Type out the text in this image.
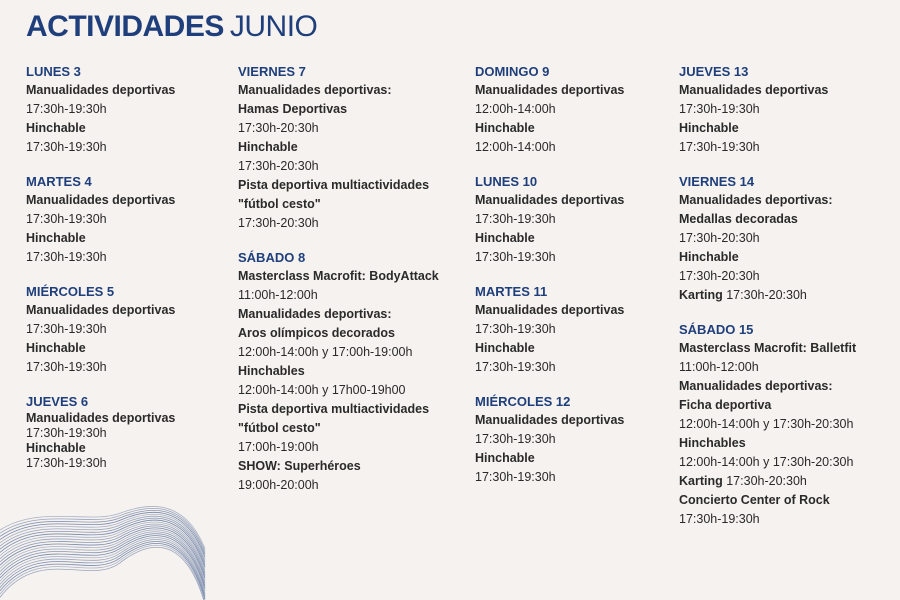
ACTIVIDADES JUNIO
LUNES 3
Manualidades deportivas
17:30h-19:30h
Hinchable
17:30h-19:30h
MARTES 4
Manualidades deportivas
17:30h-19:30h
Hinchable
17:30h-19:30h
MIÉRCOLES 5
Manualidades deportivas
17:30h-19:30h
Hinchable
17:30h-19:30h
JUEVES 6
Manualidades deportivas
17:30h-19:30h
Hinchable
17:30h-19:30h
VIERNES 7
Manualidades deportivas:
Hamas Deportivas
17:30h-20:30h
Hinchable
17:30h-20:30h
Pista deportiva multiactividades
"fútbol cesto"
17:30h-20:30h
SÁBADO 8
Masterclass Macrofit: BodyAttack
11:00h-12:00h
Manualidades deportivas:
Aros olímpicos decorados
12:00h-14:00h y 17:00h-19:00h
Hinchables
12:00h-14:00h y 17h00-19h00
Pista deportiva multiactividades
"fútbol cesto"
17:00h-19:00h
SHOW: Superhéroes
19:00h-20:00h
DOMINGO 9
Manualidades deportivas
12:00h-14:00h
Hinchable
12:00h-14:00h
LUNES 10
Manualidades deportivas
17:30h-19:30h
Hinchable
17:30h-19:30h
MARTES 11
Manualidades deportivas
17:30h-19:30h
Hinchable
17:30h-19:30h
MIÉRCOLES 12
Manualidades deportivas
17:30h-19:30h
Hinchable
17:30h-19:30h
JUEVES 13
Manualidades deportivas
17:30h-19:30h
Hinchable
17:30h-19:30h
VIERNES 14
Manualidades deportivas:
Medallas decoradas
17:30h-20:30h
Hinchable
17:30h-20:30h
Karting 17:30h-20:30h
SÁBADO 15
Masterclass Macrofit: Balletfit
11:00h-12:00h
Manualidades deportivas:
Ficha deportiva
12:00h-14:00h y 17:30h-20:30h
Hinchables
12:00h-14:00h y 17:30h-20:30h
Karting 17:30h-20:30h
Concierto Center of Rock
17:30h-19:30h
